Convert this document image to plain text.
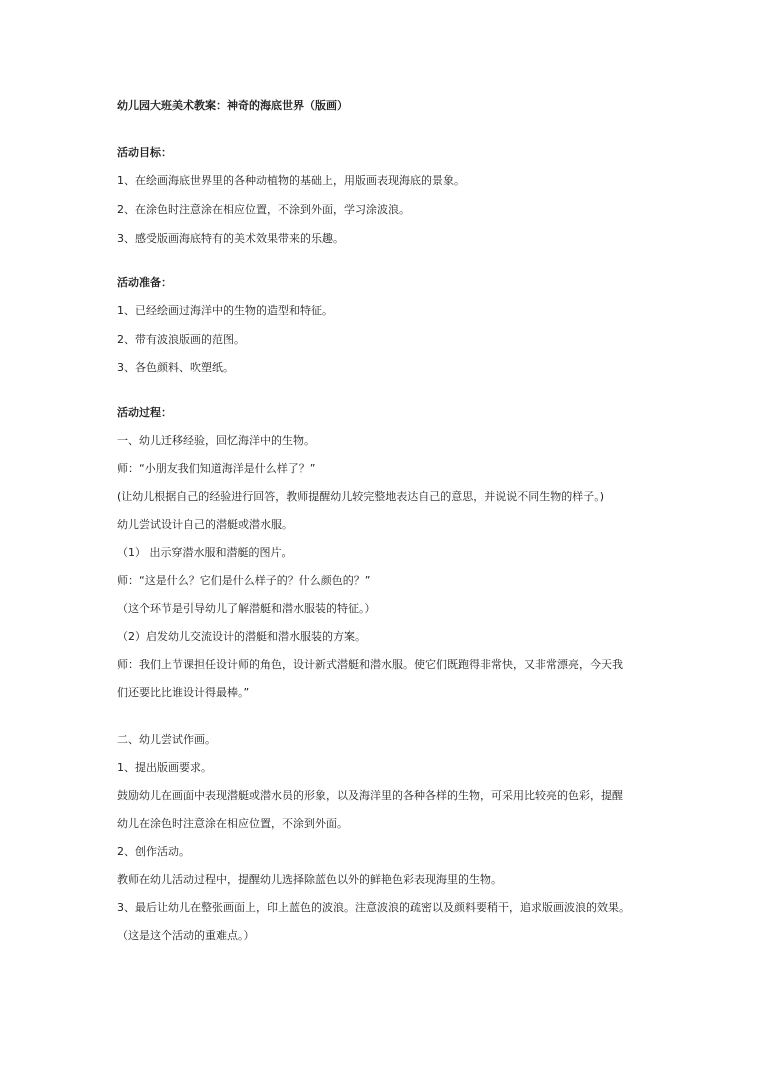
幼儿园大班美术教案：神奇的海底世界（版画）
活动目标：
1、在绘画海底世界里的各种动植物的基础上，用版画表现海底的景象。
2、在涂色时注意涂在相应位置，不涂到外面，学习涂波浪。
3、感受版画海底特有的美术效果带来的乐趣。
活动准备：
1、已经绘画过海洋中的生物的造型和特征。
2、带有波浪版画的范图。
3、各色颜料、吹塑纸。
活动过程：
一、幼儿迁移经验，回忆海洋中的生物。
师：“小朋友我们知道海洋是什么样了？”
(让幼儿根据自己的经验进行回答，教师提醒幼儿较完整地表达自己的意思，并说说不同生物的样子。)
幼儿尝试设计自己的潜艇或潜水服。
（1） 出示穿潜水服和潜艇的图片。
师：“这是什么？它们是什么样子的？什么颜色的？”
（这个环节是引导幼儿了解潜艇和潜水服装的特征。）
（2）启发幼儿交流设计的潜艇和潜水服装的方案。
师：我们上节课担任设计师的角色，设计新式潜艇和潜水服。使它们既跑得非常快，又非常漂亮，今天我
们还要比比谁设计得最棒。”
二、幼儿尝试作画。
1、提出版画要求。
鼓励幼儿在画面中表现潜艇或潜水员的形象，以及海洋里的各种各样的生物，可采用比较亮的色彩，提醒
幼儿在涂色时注意涂在相应位置，不涂到外面。
2、创作活动。
教师在幼儿活动过程中，提醒幼儿选择除蓝色以外的鲜艳色彩表现海里的生物。
3、最后让幼儿在整张画面上，印上蓝色的波浪。注意波浪的疏密以及颜料要稍干，追求版画波浪的效果。
（这是这个活动的重难点。）
